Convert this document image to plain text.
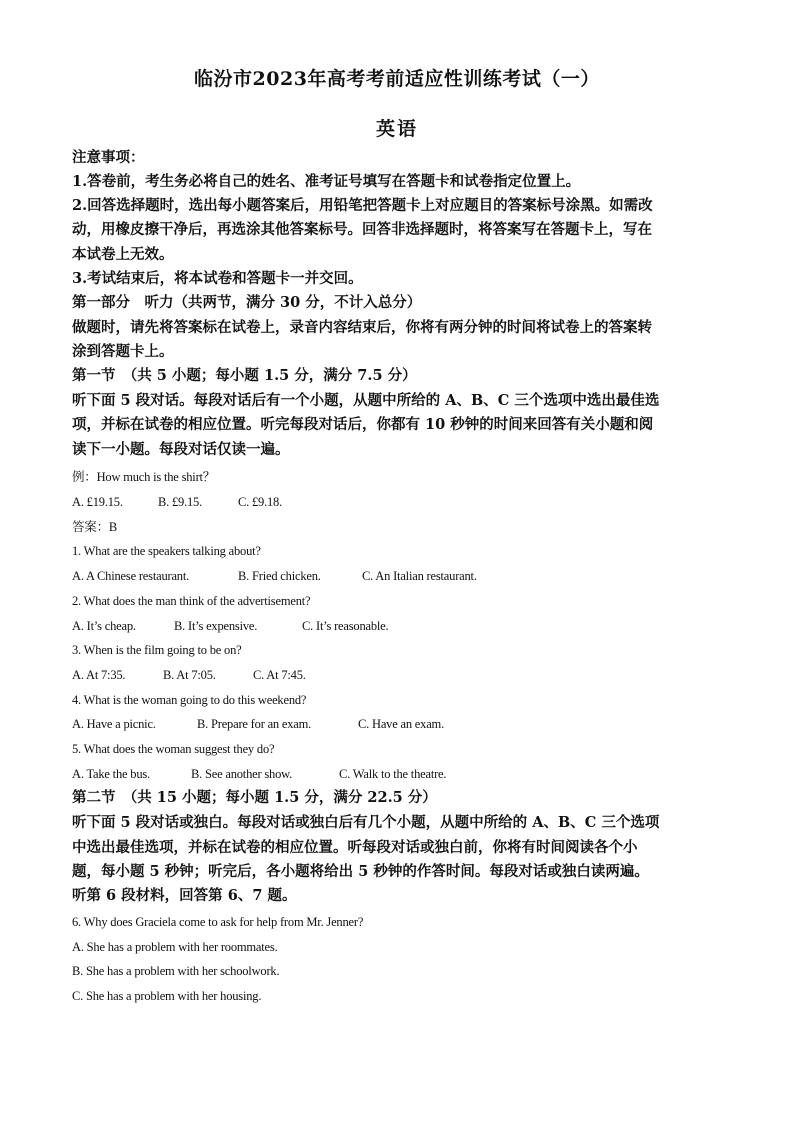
临汾市2023年高考考前适应性训练考试（一）
英语
注意事项：
1.答卷前，考生务必将自己的姓名、准考证号填写在答题卡和试卷指定位置上。
2.回答选择题时，选出每小题答案后，用铅笔把答题卡上对应题目的答案标号涂黑。如需改
动，用橡皮擦干净后，再选涂其他答案标号。回答非选择题时，将答案写在答题卡上，写在
本试卷上无效。
3.考试结束后，将本试卷和答题卡一并交回。
第一部分　听力（共两节，满分 30 分，不计入总分）
做题时，请先将答案标在试卷上，录音内容结束后，你将有两分钟的时间将试卷上的答案转
涂到答题卡上。
第一节　（共 5 小题；每小题 1.5 分，满分 7.5 分）
听下面 5 段对话。每段对话后有一个小题，从题中所给的 A、B、C 三个选项中选出最佳选
项，并标在试卷的相应位置。听完每段对话后，你都有 10 秒钟的时间来回答有关小题和阅
读下一小题。每段对话仅读一遍。
例：How much is the shirt？
A. £19.15.	B. £9.15.	C. £9.18.
答案：B
1. What are the speakers talking about?
A. A Chinese restaurant.	B. Fried chicken.	C. An Italian restaurant.
2. What does the man think of the advertisement?
A. It’s cheap.	B. It’s expensive.	C. It’s reasonable.
3. When is the film going to be on?
A. At 7:35.	B. At 7:05.	C. At 7:45.
4. What is the woman going to do this weekend?
A. Have a picnic.	B. Prepare for an exam.	C. Have an exam.
5. What does the woman suggest they do?
A. Take the bus.	B. See another show.	C. Walk to the theatre.
第二节　（共 15 小题；每小题 1.5 分，满分 22.5 分）
听下面 5 段对话或独白。每段对话或独白后有几个小题，从题中所给的 A、B、C 三个选项
中选出最佳选项，并标在试卷的相应位置。听每段对话或独白前，你将有时间阅读各个小
题，每小题 5 秒钟；听完后，各小题将给出 5 秒钟的作答时间。每段对话或独白读两遍。
听第 6 段材料，回答第 6、7 题。
6. Why does Graciela come to ask for help from Mr. Jenner?
A. She has a problem with her roommates.
B. She has a problem with her schoolwork.
C. She has a problem with her housing.
